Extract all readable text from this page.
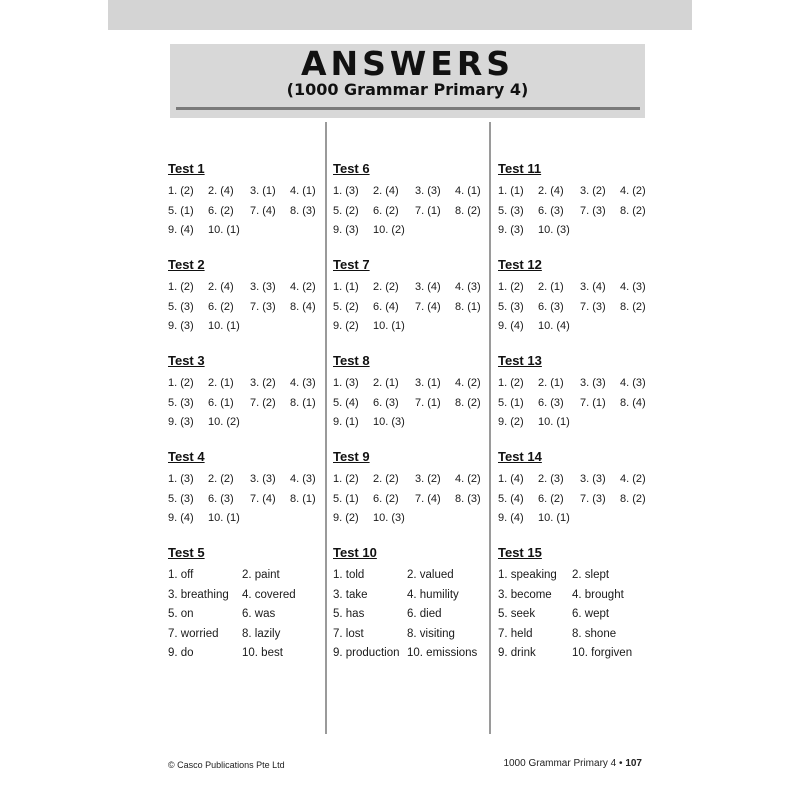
ANSWERS
(1000 Grammar Primary 4)
Test 1
1. (2)	2. (4)	3. (1)	4. (1)
5. (1)	6. (2)	7. (4)	8. (3)
9. (4)	10. (1)
Test 2
1. (2)	2. (4)	3. (3)	4. (2)
5. (3)	6. (2)	7. (3)	8. (4)
9. (3)	10. (1)
Test 3
1. (2)	2. (1)	3. (2)	4. (3)
5. (3)	6. (1)	7. (2)	8. (1)
9. (3)	10. (2)
Test 4
1. (3)	2. (2)	3. (3)	4. (3)
5. (3)	6. (3)	7. (4)	8. (1)
9. (4)	10. (1)
Test 5
1. off	2. paint
3. breathing	4. covered
5. on	6. was
7. worried	8. lazily
9. do	10. best
Test 6
1. (3)	2. (4)	3. (3)	4. (1)
5. (2)	6. (2)	7. (1)	8. (2)
9. (3)	10. (2)
Test 7
1. (1)	2. (2)	3. (4)	4. (3)
5. (2)	6. (4)	7. (4)	8. (1)
9. (2)	10. (1)
Test 8
1. (3)	2. (1)	3. (1)	4. (2)
5. (4)	6. (3)	7. (1)	8. (2)
9. (1)	10. (3)
Test 9
1. (2)	2. (2)	3. (2)	4. (2)
5. (1)	6. (2)	7. (4)	8. (3)
9. (2)	10. (3)
Test 10
1. told	2. valued
3. take	4. humility
5. has	6. died
7. lost	8. visiting
9. production 10. emissions
Test 11
1. (1)	2. (4)	3. (2)	4. (2)
5. (3)	6. (3)	7. (3)	8. (2)
9. (3)	10. (3)
Test 12
1. (2)	2. (1)	3. (4)	4. (3)
5. (3)	6. (3)	7. (3)	8. (2)
9. (4)	10. (4)
Test 13
1. (2)	2. (1)	3. (3)	4. (3)
5. (1)	6. (3)	7. (1)	8. (4)
9. (2)	10. (1)
Test 14
1. (4)	2. (3)	3. (3)	4. (2)
5. (4)	6. (2)	7. (3)	8. (2)
9. (4)	10. (1)
Test 15
1. speaking	2. slept
3. become	4. brought
5. seek	6. wept
7. held	8. shone
9. drink	10. forgiven
© Casco Publications Pte Ltd	1000 Grammar Primary 4 • 107
